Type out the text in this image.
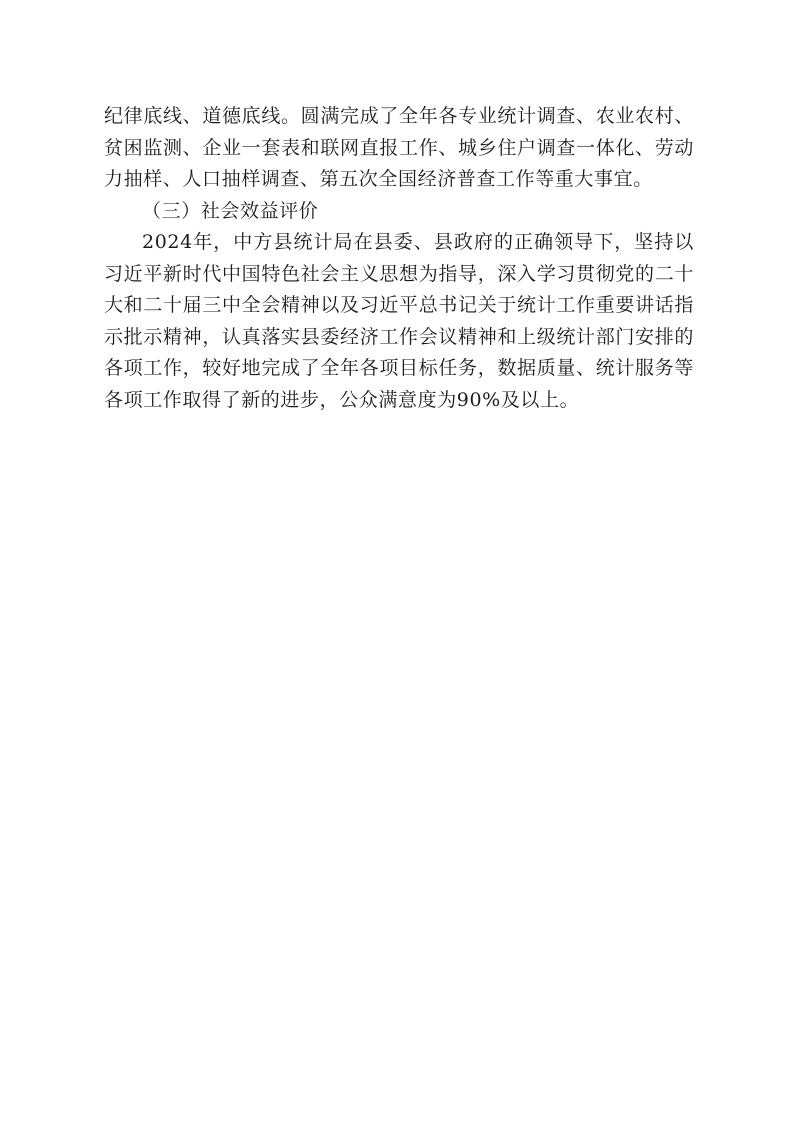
纪律底线、道德底线。圆满完成了全年各专业统计调查、农业农村、贫困监测、企业一套表和联网直报工作、城乡住户调查一体化、劳动力抽样、人口抽样调查、第五次全国经济普查工作等重大事宜。

（三）社会效益评价

2024年，中方县统计局在县委、县政府的正确领导下，坚持以习近平新时代中国特色社会主义思想为指导，深入学习贯彻党的二十大和二十届三中全会精神以及习近平总书记关于统计工作重要讲话指示批示精神，认真落实县委经济工作会议精神和上级统计部门安排的各项工作，较好地完成了全年各项目标任务，数据质量、统计服务等各项工作取得了新的进步，公众满意度为90%及以上。
